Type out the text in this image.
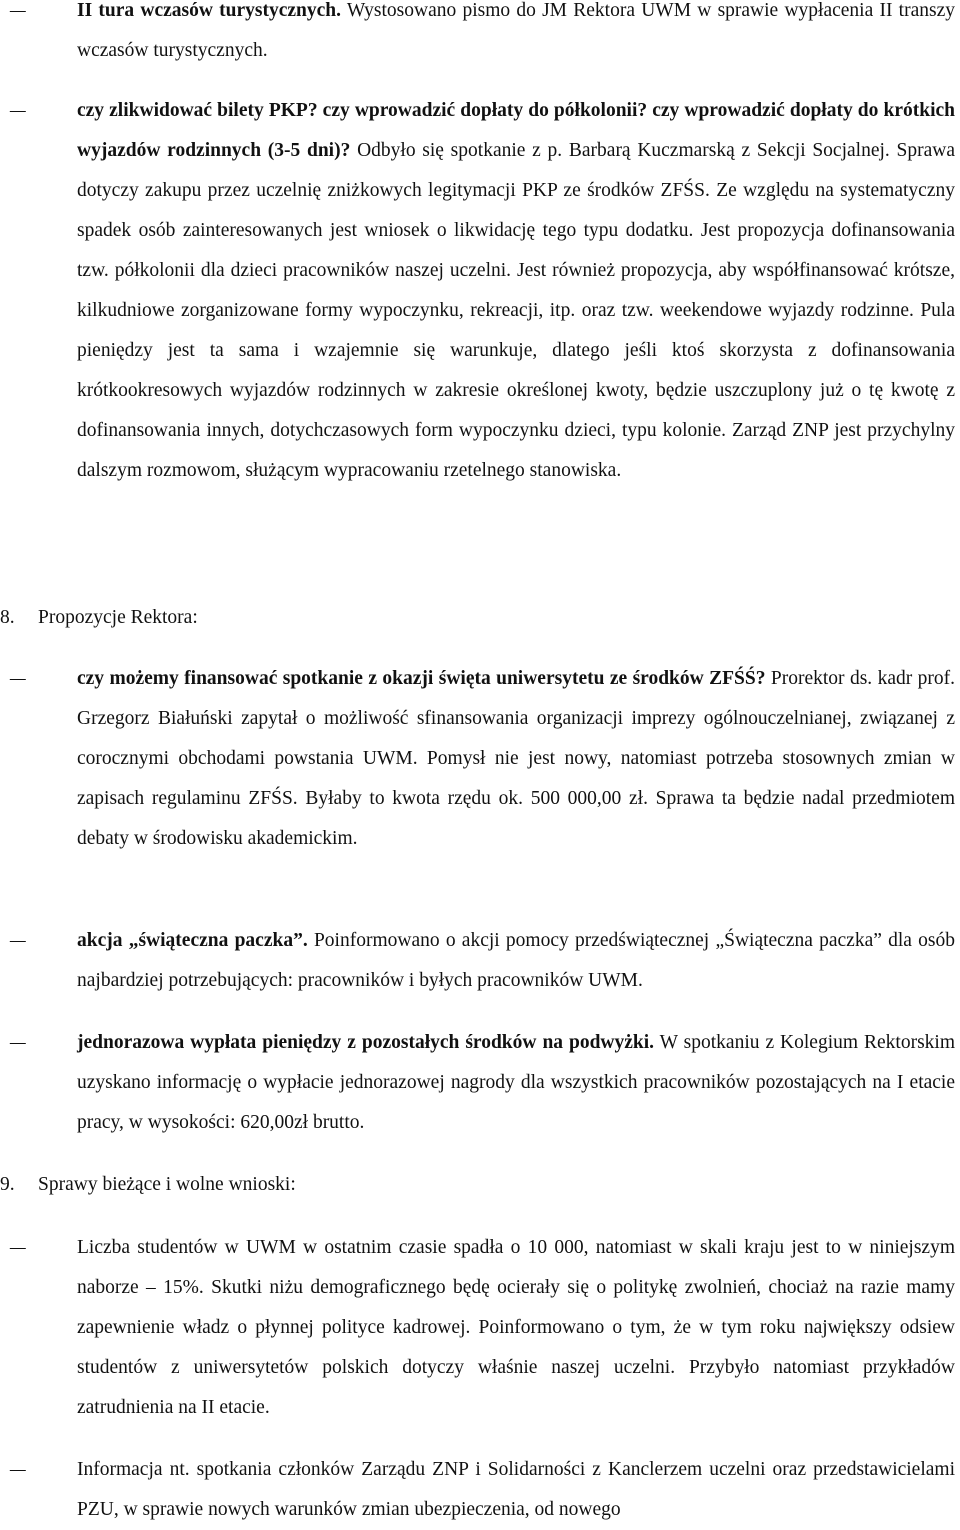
–
II tura wczasów turystycznych. Wystosowano pismo do JM Rektora UWM w sprawie wypłacenia II transzy wczasów turystycznych.
–
czy zlikwidować bilety PKP? czy wprowadzić dopłaty do półkolonii? czy wprowadzić dopłaty do krótkich wyjazdów rodzinnych (3-5 dni)? Odbyło się spotkanie z p. Barbarą Kuczmarską z Sekcji Socjalnej. Sprawa dotyczy zakupu przez uczelnię zniżkowych legitymacji PKP ze środków ZFŚS. Ze względu na systematyczny spadek osób zainteresowanych jest wniosek o likwidację tego typu dodatku. Jest propozycja dofinansowania tzw. półkolonii dla dzieci pracowników naszej uczelni. Jest również propozycja, aby współfinansować krótsze, kilkudniowe zorganizowane formy wypoczynku, rekreacji, itp. oraz tzw. weekendowe wyjazdy rodzinne. Pula pieniędzy jest ta sama i wzajemnie się warunkuje, dlatego jeśli ktoś skorzysta z dofinansowania krótkookresowych wyjazdów rodzinnych w zakresie określonej kwoty, będzie uszczuplony już o tę kwotę z dofinansowania innych, dotychczasowych form wypoczynku dzieci, typu kolonie. Zarząd ZNP jest przychylny dalszym rozmowom, służącym wypracowaniu rzetelnego stanowiska.
8.	Propozycje Rektora:
–
czy możemy finansować spotkanie z okazji święta uniwersytetu ze środków ZFŚŚ? Prorektor ds. kadr prof. Grzegorz Białuński zapytał o możliwość sfinansowania organizacji imprezy ogólnouczelnianej, związanej z corocznymi obchodami powstania UWM. Pomysł nie jest nowy, natomiast potrzeba stosownych zmian w zapisach regulaminu ZFŚS. Byłaby to kwota rzędu ok. 500 000,00 zł. Sprawa ta będzie nadal przedmiotem debaty w środowisku akademickim.
–
akcja „świąteczna paczka”. Poinformowano o akcji pomocy przedświątecznej „Świąteczna paczka” dla osób najbardziej potrzebujących: pracowników i byłych pracowników UWM.
–
jednorazowa wypłata pieniędzy z pozostałych środków na podwyżki. W spotkaniu z Kolegium Rektorskim uzyskano informację o wypłacie jednorazowej nagrody dla wszystkich pracowników pozostających na I etacie pracy, w wysokości: 620,00zł brutto.
9.	Sprawy bieżące i wolne wnioski:
–
Liczba studentów w UWM w ostatnim czasie spadła o 10 000, natomiast w skali kraju jest to w niniejszym naborze – 15%. Skutki niżu demograficznego będę ocierały się o politykę zwolnień, chociaż na razie mamy zapewnienie władz o płynnej polityce kadrowej. Poinformowano o tym, że w tym roku największy odsiew studentów z uniwersytetów polskich dotyczy właśnie naszej uczelni. Przybyło natomiast przykładów zatrudnienia na II etacie.
–
Informacja nt. spotkania członków Zarządu ZNP i Solidarności z Kanclerzem uczelni oraz przedstawicielami PZU, w sprawie nowych warunków zmian ubezpieczenia, od nowego
